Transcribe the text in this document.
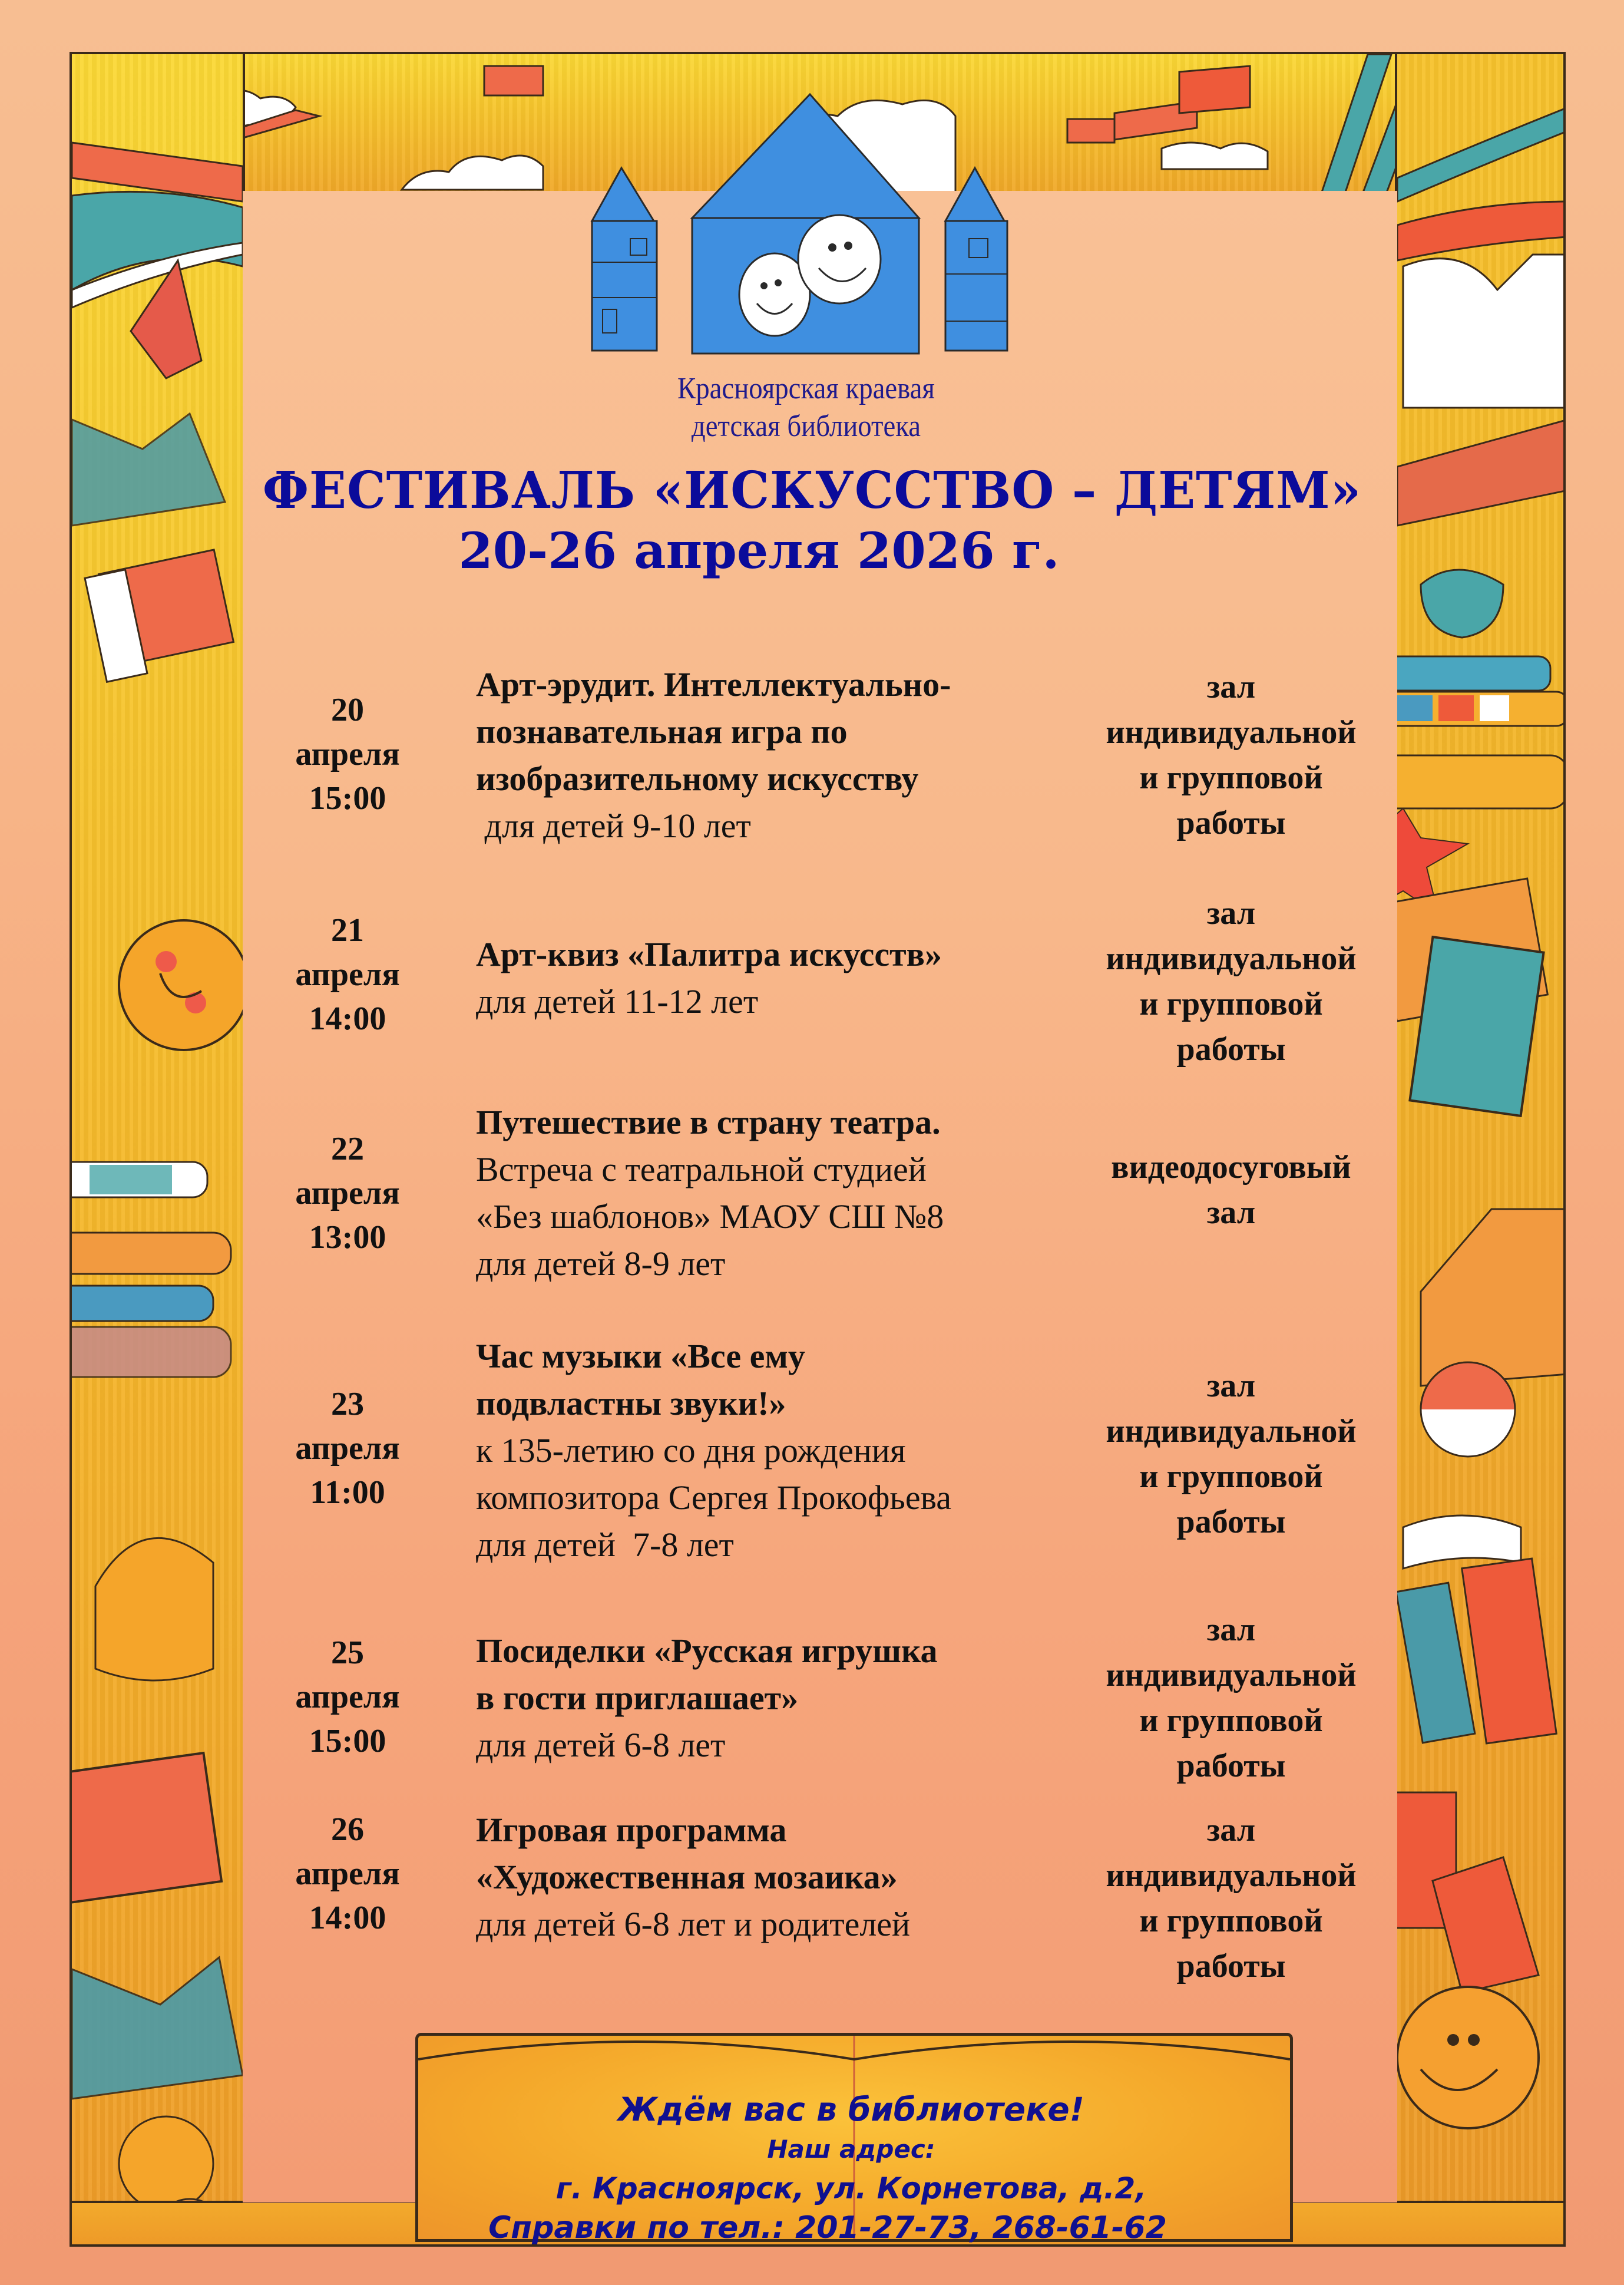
Красноярская краевая
детская библиотека
ФЕСТИВАЛЬ «ИСКУССТВО – ДЕТЯМ»
20-26 апреля 2026 г.
20
апреля
15:00
Арт-эрудит. Интеллектуально-
познавательная игра по
изобразительному искусству
для детей 9-10 лет
зал
индивидуальной
и групповой
работы
21
апреля
14:00
Арт-квиз «Палитра искусств»
для детей 11-12 лет
зал
индивидуальной
и групповой
работы
22
апреля
13:00
Путешествие в страну театра.
Встреча с театральной студией
«Без шаблонов» МАОУ СШ №8
для детей 8-9 лет
видеодосуговый
зал
23
апреля
11:00
Час музыки «Все ему
подвластны звуки!»
к 135-летию со дня рождения
композитора Сергея Прокофьева
для детей  7-8 лет
зал
индивидуальной
и групповой
работы
25
апреля
15:00
Посиделки «Русская игрушка
в гости приглашает»
для детей 6-8 лет
зал
индивидуальной
и групповой
работы
26
апреля
14:00
Игровая программа
«Художественная мозаика»
для детей 6-8 лет и родителей
зал
индивидуальной
и групповой
работы
Ждём вас в библиотеке!
Наш адрес:
г. Красноярск, ул. Корнетова, д.2,
Справки по тел.: 201-27-73, 268-61-62
